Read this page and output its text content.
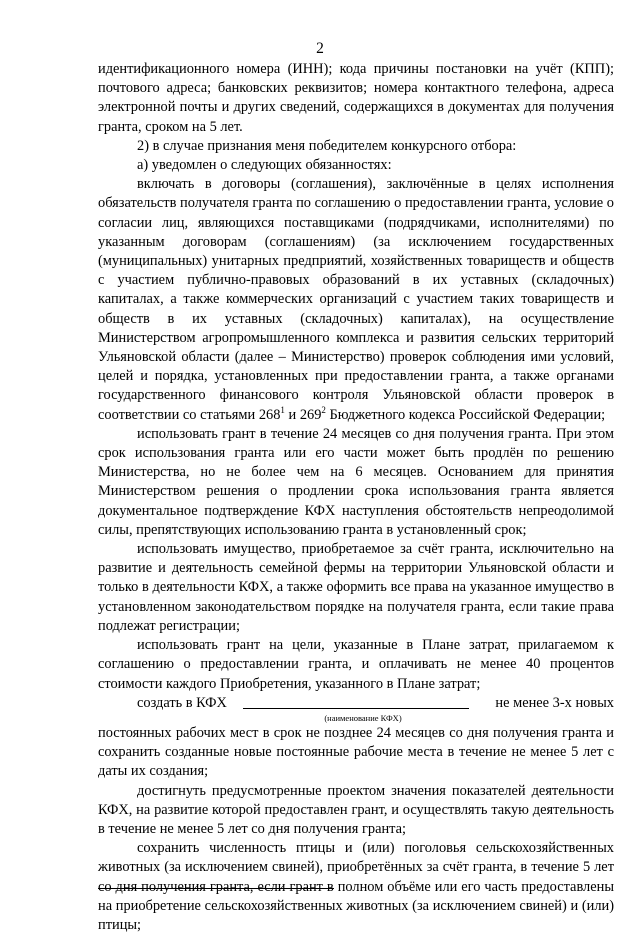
2

идентификационного номера (ИНН); кода причины постановки на учёт (КПП); почтового адреса; банковских реквизитов; номера контактного телефона, адреса электронной почты и других сведений, содержащихся в документах для получения гранта, сроком на 5 лет.

2) в случае признания меня победителем конкурсного отбора:

а) уведомлен о следующих обязанностях:

включать в договоры (соглашения), заключённые в целях исполнения обязательств получателя гранта по соглашению о предоставлении гранта, условие о согласии лиц, являющихся поставщиками (подрядчиками, исполнителями) по указанным договорам (соглашениям) (за исключением государственных (муниципальных) унитарных предприятий, хозяйственных товариществ и обществ с участием публично-правовых образований в их уставных (складочных) капиталах, а также коммерческих организаций с участием таких товариществ и обществ в их уставных (складочных) капиталах), на осуществление Министерством агропромышленного комплекса и развития сельских территорий Ульяновской области (далее – Министерство) проверок соблюдения ими условий, целей и порядка, установленных при предоставлении гранта, а также органами государственного финансового контроля Ульяновской области проверок в соответствии со статьями $268^1$ и $269^2$ Бюджетного кодекса Российской Федерации;

использовать грант в течение 24 месяцев со дня получения гранта. При этом срок использования гранта или его части может быть продлён по решению Министерства, но не более чем на 6 месяцев. Основанием для принятия Министерством решения о продлении срока использования гранта является документальное подтверждение КФХ наступления обстоятельств непреодолимой силы, препятствующих использованию гранта в установленный срок;

использовать имущество, приобретаемое за счёт гранта, исключительно на развитие и деятельность семейной фермы на территории Ульяновской области и только в деятельности КФХ, а также оформить все права на указанное имущество в установленном законодательством порядке на получателя гранта, если такие права подлежат регистрации;

использовать грант на цели, указанные в Плане затрат, прилагаемом к соглашению о предоставлении гранта, и оплачивать не менее 40 процентов стоимости каждого Приобретения, указанного в Плане затрат;

создать в КФХ	не менее 3-х новых

(наименование КФХ)

постоянных рабочих мест в срок не позднее 24 месяцев со дня получения гранта и сохранить созданные новые постоянные рабочие места в течение не менее 5 лет с даты их создания;

достигнуть предусмотренные проектом значения показателей деятельности КФХ, на развитие которой предоставлен грант, и осуществлять такую деятельность в течение не менее 5 лет со дня получения гранта;

сохранить численность птицы и (или) поголовья сельскохозяйственных животных (за исключением свиней), приобретённых за счёт гранта, в течение 5 лет со дня получения гранта, если грант в полном объёме или его часть предоставлены на приобретение сельскохозяйственных животных (за исключением свиней) и (или) птицы;
